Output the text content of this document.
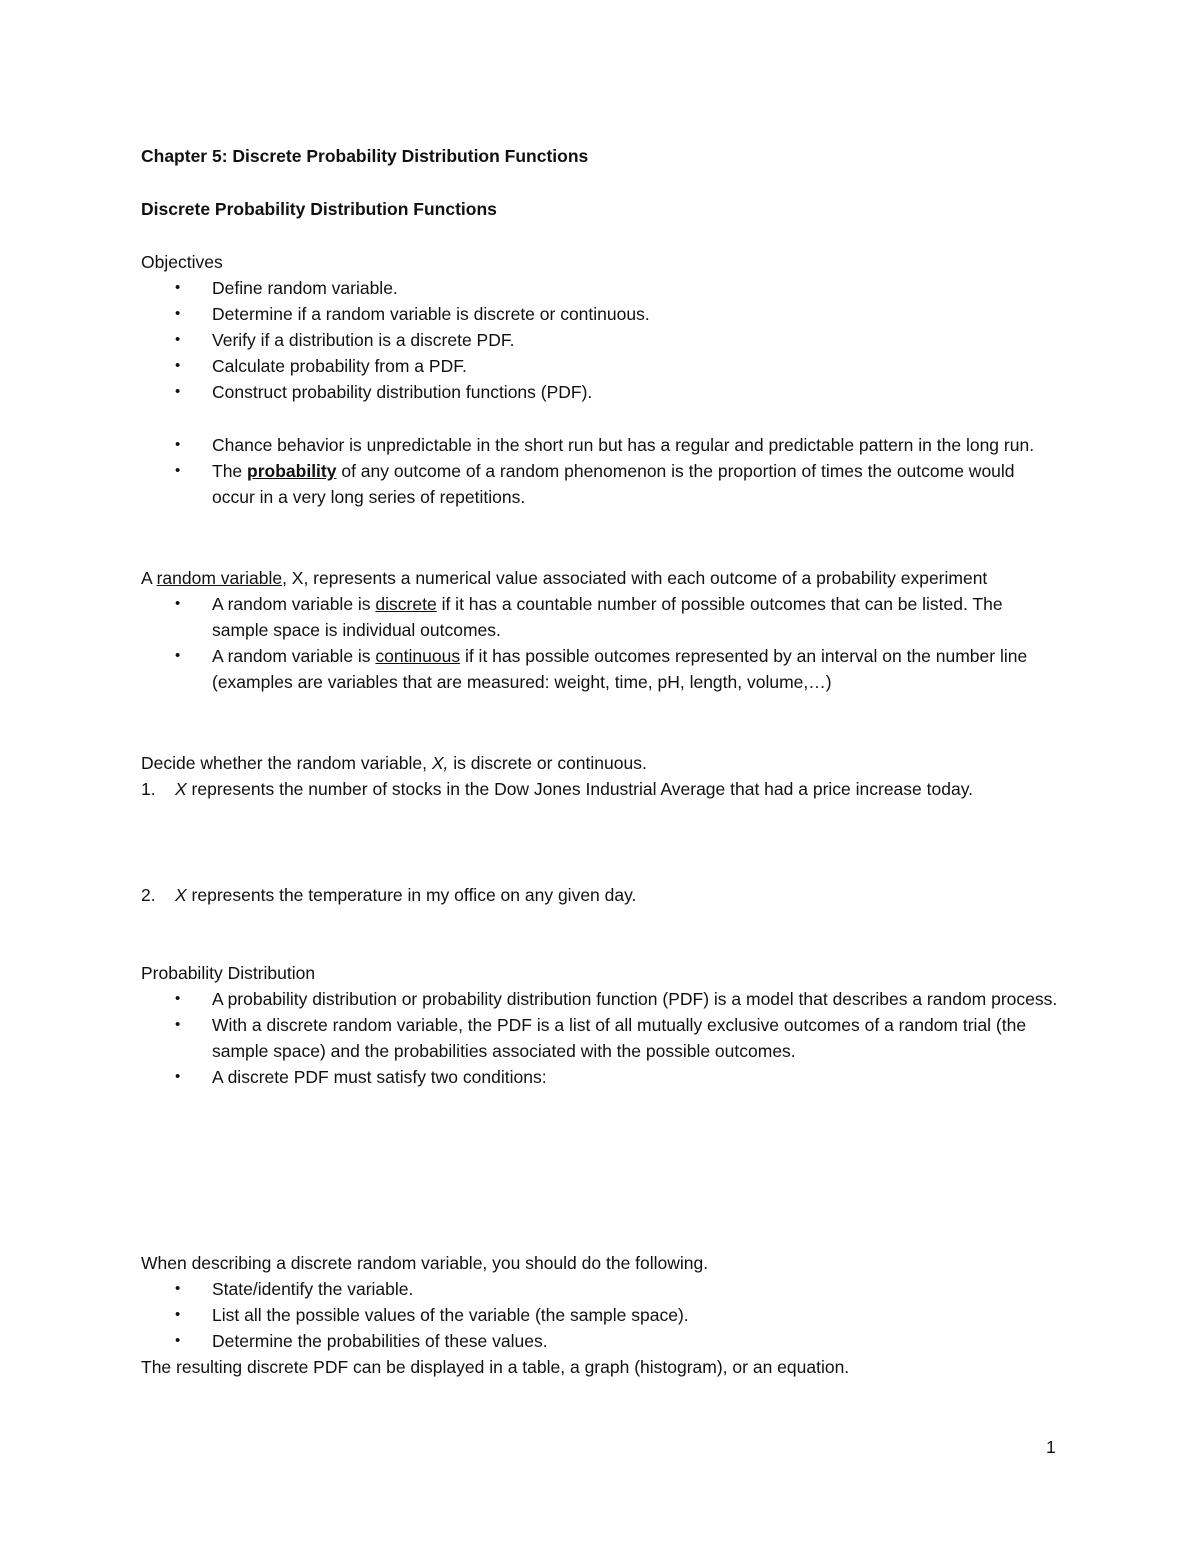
Chapter 5: Discrete Probability Distribution Functions
Discrete Probability Distribution Functions
Objectives
• Define random variable.
• Determine if a random variable is discrete or continuous.
• Verify if a distribution is a discrete PDF.
• Calculate probability from a PDF.
• Construct probability distribution functions (PDF).
• Chance behavior is unpredictable in the short run but has a regular and predictable pattern in the long run.
• The probability of any outcome of a random phenomenon is the proportion of times the outcome would occur in a very long series of repetitions.
A random variable, X, represents a numerical value associated with each outcome of a probability experiment
• A random variable is discrete if it has a countable number of possible outcomes that can be listed. The sample space is individual outcomes.
• A random variable is continuous if it has possible outcomes represented by an interval on the number line (examples are variables that are measured: weight, time, pH, length, volume,…)
Decide whether the random variable, X, is discrete or continuous.
1. X represents the number of stocks in the Dow Jones Industrial Average that had a price increase today.
2. X represents the temperature in my office on any given day.
Probability Distribution
• A probability distribution or probability distribution function (PDF) is a model that describes a random process.
• With a discrete random variable, the PDF is a list of all mutually exclusive outcomes of a random trial (the sample space) and the probabilities associated with the possible outcomes.
• A discrete PDF must satisfy two conditions:
When describing a discrete random variable, you should do the following.
• State/identify the variable.
• List all the possible values of the variable (the sample space).
• Determine the probabilities of these values.
The resulting discrete PDF can be displayed in a table, a graph (histogram), or an equation.
1
